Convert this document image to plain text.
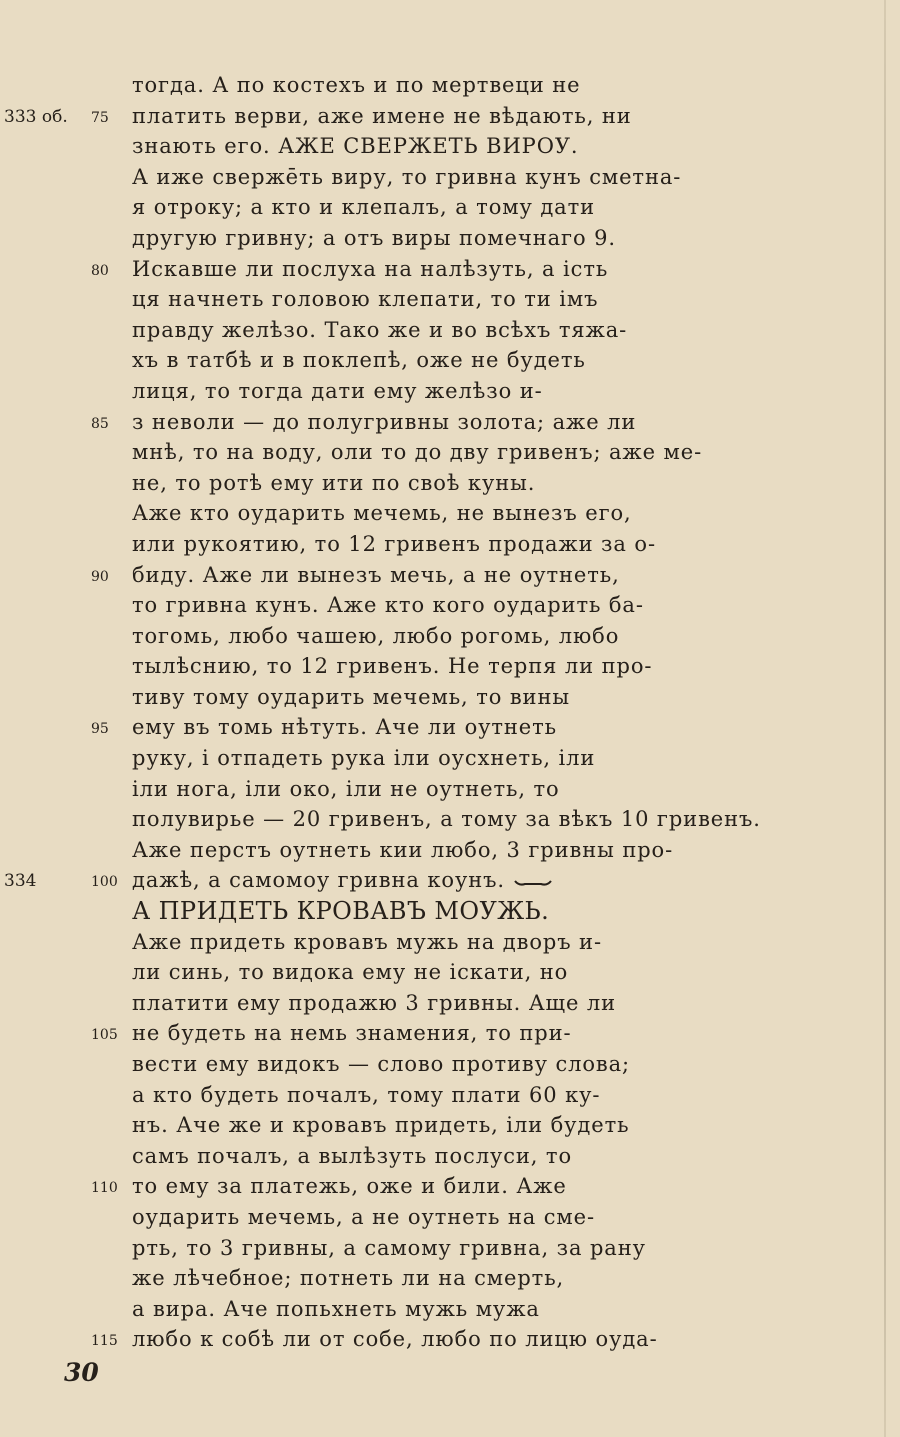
тогда. А по костехъ и по мертвеци не
333 об. 75 платить верви, аже имене не вѣдають, ни
знають его. АЖЕ СВЕРЖЕТЬ ВИРОУ.
А иже сверже̄ть виру, то гривна кунъ сметна-
я отроку; а кто и клепалъ, а тому дати
другую гривну; а отъ виры помечнаго 9.
80 Искавше ли послуха на налѣзуть, а iсть
ця начнеть головою клепати, то ти iмъ
правду желѣзо. Тако же и во всѣхъ тяжа-
хъ в татбѣ и в поклепѣ, оже не будеть
лиця, то тогда дати ему желѣзо и-
85 з неволи — до полугривны золота; аже ли
мнѣ, то на воду, оли то до дву гривенъ; аже ме-
не, то ротѣ ему ити по своѣ куны.
Аже кто оударить мечемь, не вынезъ его,
или рукоятию, то 12 гривенъ продажи за о-
90 биду. Аже ли вынезъ мечь, а не оутнеть,
то гривна кунъ. Аже кто кого оударить ба-
тогомь, любо чашею, любо рогомь, любо
тылѣснию, то 12 гривенъ. Не терпя ли про-
тиву тому оударить мечемь, то вины
95 ему въ томь нѣтуть. Аче ли оутнеть
руку, i отпадеть рука iли оусхнеть, iли
iли нога, iли око, iли не оутнеть, то
полувирье — 20 гривенъ, а тому за вѣкъ 10 гривенъ.
Аже перстъ оутнеть кии любо, 3 гривны про-
334	100 дажѣ, а самомоу гривна коунъ.
А ПРИДЕТЬ КРОВАВЪ МОУЖЬ.
Аже придеть кровавъ мужь на дворъ и-
ли синь, то видока ему не iскати, но
платити ему продажю 3 гривны. Аще ли
105 не будеть на немь знамения, то при-
вести ему видокъ — слово противу слова;
а кто будеть почалъ, тому плати 60 ку-
нъ. Аче же и кровавъ придеть, iли будеть
самъ почалъ, а вылѣзуть послуси, то
110 то ему за платежь, оже и били. Аже
оударить мечемь, а не оутнеть на сме-
рть, то 3 гривны, а самому гривна, за рану
же лѣчебное; потнеть ли на смерть,
а вира. Аче попьхнеть мужь мужа
115 любо к собѣ ли от собе, любо по лицю оуда-
30
